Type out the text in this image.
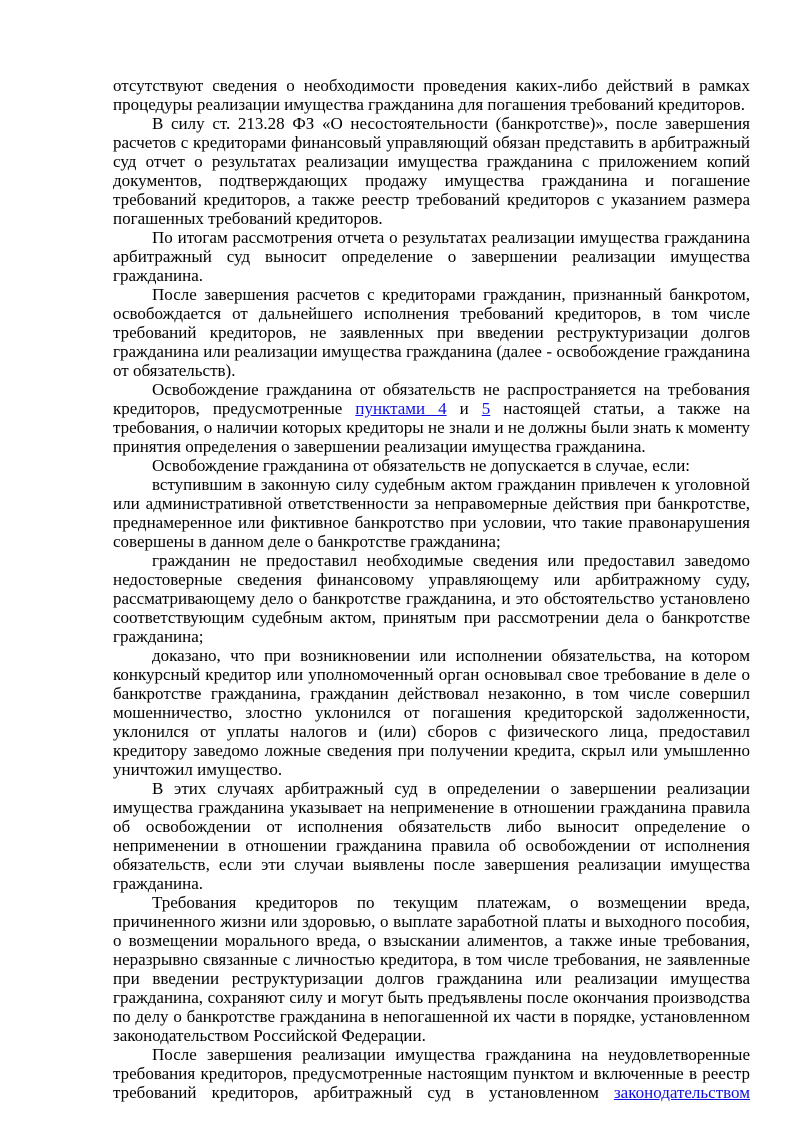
отсутствуют сведения о необходимости проведения каких-либо действий в рамках процедуры реализации имущества гражданина для погашения требований кредиторов.

В силу ст. 213.28 ФЗ «О несостоятельности (банкротстве)», после завершения расчетов с кредиторами финансовый управляющий обязан представить в арбитражный суд отчет о результатах реализации имущества гражданина с приложением копий документов, подтверждающих продажу имущества гражданина и погашение требований кредиторов, а также реестр требований кредиторов с указанием размера погашенных требований кредиторов.

По итогам рассмотрения отчета о результатах реализации имущества гражданина арбитражный суд выносит определение о завершении реализации имущества гражданина.

После завершения расчетов с кредиторами гражданин, признанный банкротом, освобождается от дальнейшего исполнения требований кредиторов, в том числе требований кредиторов, не заявленных при введении реструктуризации долгов гражданина или реализации имущества гражданина (далее - освобождение гражданина от обязательств).

Освобождение гражданина от обязательств не распространяется на требования кредиторов, предусмотренные пунктами 4 и 5 настоящей статьи, а также на требования, о наличии которых кредиторы не знали и не должны были знать к моменту принятия определения о завершении реализации имущества гражданина.

Освобождение гражданина от обязательств не допускается в случае, если:

вступившим в законную силу судебным актом гражданин привлечен к уголовной или административной ответственности за неправомерные действия при банкротстве, преднамеренное или фиктивное банкротство при условии, что такие правонарушения совершены в данном деле о банкротстве гражданина;

гражданин не предоставил необходимые сведения или предоставил заведомо недостоверные сведения финансовому управляющему или арбитражному суду, рассматривающему дело о банкротстве гражданина, и это обстоятельство установлено соответствующим судебным актом, принятым при рассмотрении дела о банкротстве гражданина;

доказано, что при возникновении или исполнении обязательства, на котором конкурсный кредитор или уполномоченный орган основывал свое требование в деле о банкротстве гражданина, гражданин действовал незаконно, в том числе совершил мошенничество, злостно уклонился от погашения кредиторской задолженности, уклонился от уплаты налогов и (или) сборов с физического лица, предоставил кредитору заведомо ложные сведения при получении кредита, скрыл или умышленно уничтожил имущество.

В этих случаях арбитражный суд в определении о завершении реализации имущества гражданина указывает на неприменение в отношении гражданина правила об освобождении от исполнения обязательств либо выносит определение о неприменении в отношении гражданина правила об освобождении от исполнения обязательств, если эти случаи выявлены после завершения реализации имущества гражданина.

Требования кредиторов по текущим платежам, о возмещении вреда, причиненного жизни или здоровью, о выплате заработной платы и выходного пособия, о возмещении морального вреда, о взыскании алиментов, а также иные требования, неразрывно связанные с личностью кредитора, в том числе требования, не заявленные при введении реструктуризации долгов гражданина или реализации имущества гражданина, сохраняют силу и могут быть предъявлены после окончания производства по делу о банкротстве гражданина в непогашенной их части в порядке, установленном законодательством Российской Федерации.

После завершения реализации имущества гражданина на неудовлетворенные требования кредиторов, предусмотренные настоящим пунктом и включенные в реестр требований кредиторов, арбитражный суд в установленном законодательством
